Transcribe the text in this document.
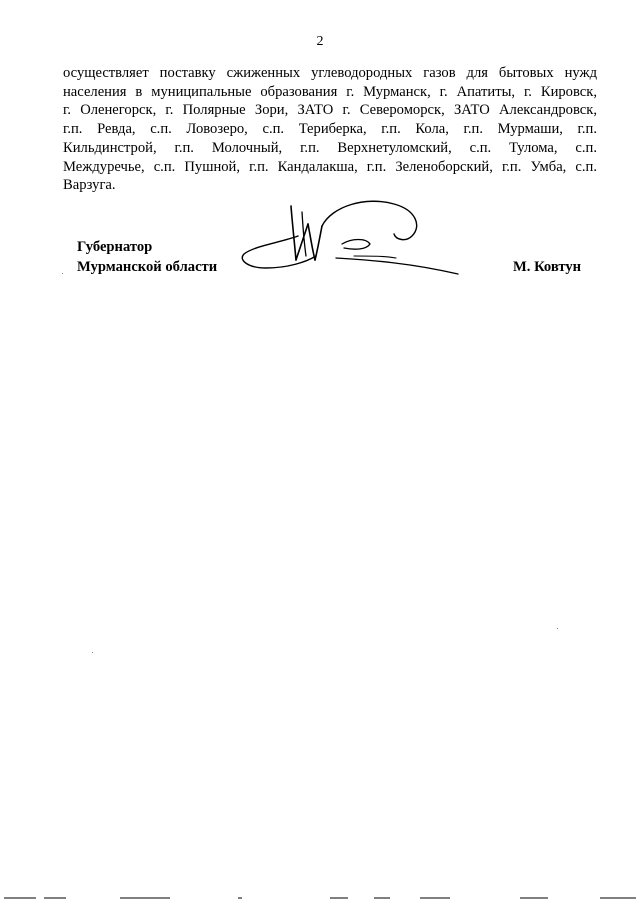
2
осуществляет поставку сжиженных углеводородных газов для бытовых нужд
населения в муниципальные образования г. Мурманск, г. Апатиты, г. Кировск,
г. Оленегорск, г. Полярные Зори, ЗАТО г. Североморск, ЗАТО Александровск,
г.п. Ревда, с.п. Ловозеро, с.п. Териберка, г.п. Кола, г.п. Мурмаши, г.п.
Кильдинстрой, г.п. Молочный, г.п. Верхнетуломский, с.п. Тулома, с.п.
Междуречье, с.п. Пушной, г.п. Кандалакша, г.п. Зеленоборский, г.п. Умба, с.п.
Варзуга.
Губернатор
Мурманской области	М. Ковтун
